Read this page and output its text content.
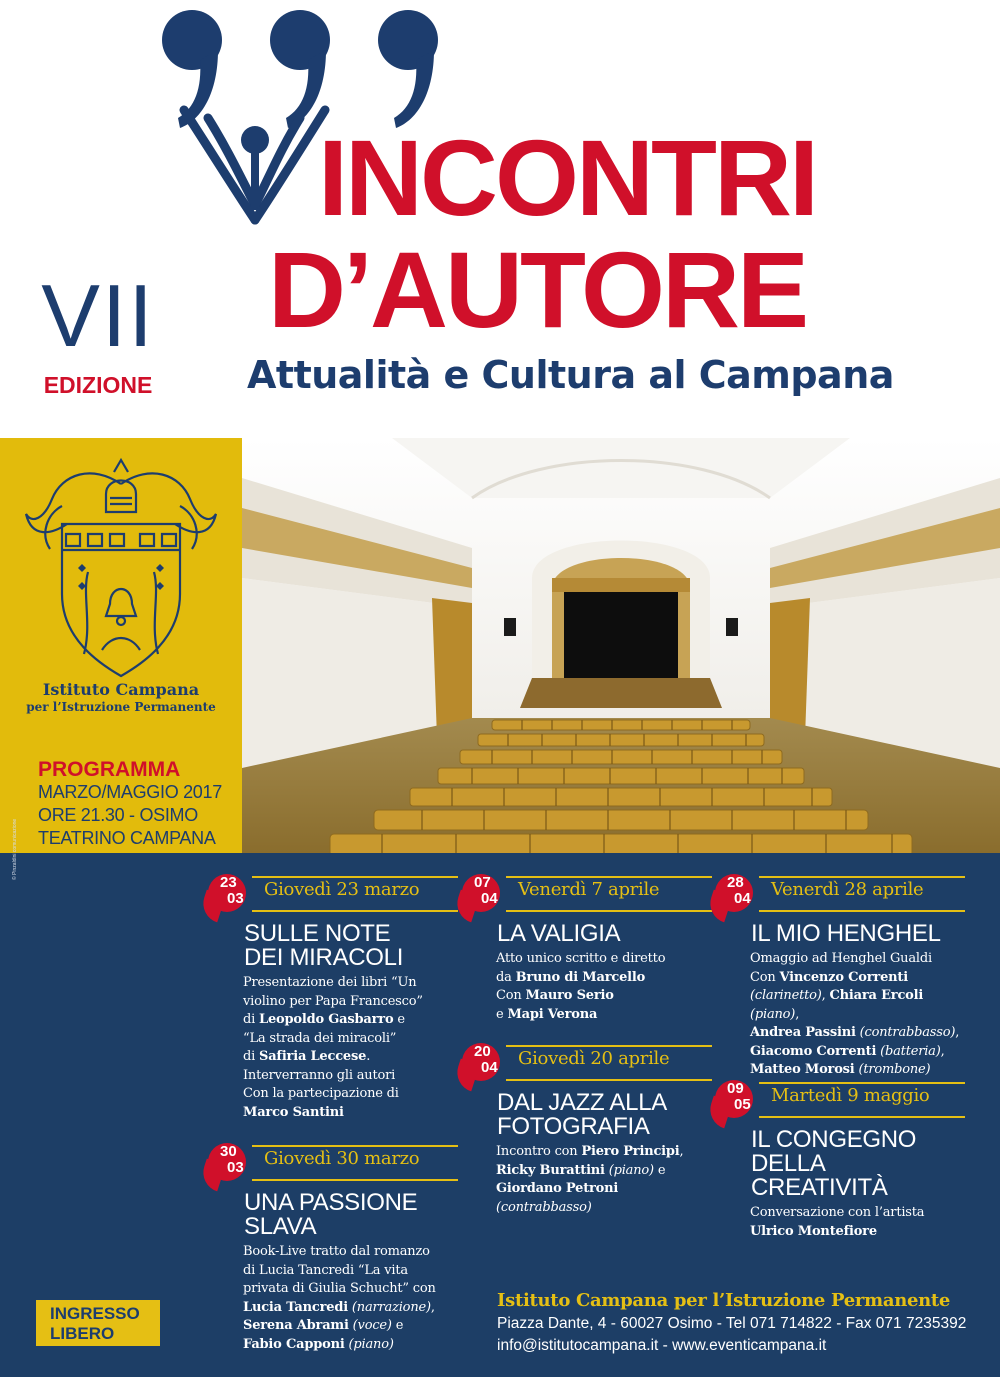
INCONTRI
D’AUTORE
Attualità e Cultura al Campana
VII
EDIZIONE
Istituto Campana
per l’Istruzione Permanente
PROGRAMMA
MARZO/MAGGIO 2017
ORE 21.30 - OSIMO
TEATRINO CAMPANA
© Pinzaldini comunicazione
23
03 Giovedì 23 marzo
SULLE NOTE
DEI MIRACOLI
Presentazione dei libri “Un
violino per Papa Francesco”
di Leopoldo Gasbarro e
“La strada dei miracoli”
di Safiria Leccese.
Interverranno gli autori
Con la partecipazione di
Marco Santini
30
03 Giovedì 30 marzo
UNA PASSIONE
SLAVA
Book-Live tratto dal romanzo
di Lucia Tancredi “La vita
privata di Giulia Schucht” con
Lucia Tancredi (narrazione),
Serena Abrami (voce) e
Fabio Capponi (piano)
07
04 Venerdì 7 aprile
LA VALIGIA
Atto unico scritto e diretto
da Bruno di Marcello
Con Mauro Serio
e Mapi Verona
20
04 Giovedì 20 aprile
DAL JAZZ ALLA
FOTOGRAFIA
Incontro con Piero Principi,
Ricky Burattini (piano) e
Giordano Petroni (contrabbasso)
28
04 Venerdì 28 aprile
IL MIO HENGHEL
Omaggio ad Henghel Gualdi
Con Vincenzo Correnti
(clarinetto), Chiara Ercoli (piano),
Andrea Passini (contrabbasso),
Giacomo Correnti (batteria),
Matteo Morosi (trombone)
09
05 Martedì 9 maggio
IL CONGEGNO
DELLA CREATIVITÀ
Conversazione con l’artista
Ulrico Montefiore
INGRESSO
LIBERO
Istituto Campana per l’Istruzione Permanente
Piazza Dante, 4 - 60027 Osimo - Tel 071 714822 - Fax 071 7235392
info@istitutocampana.it - www.eventicampana.it
